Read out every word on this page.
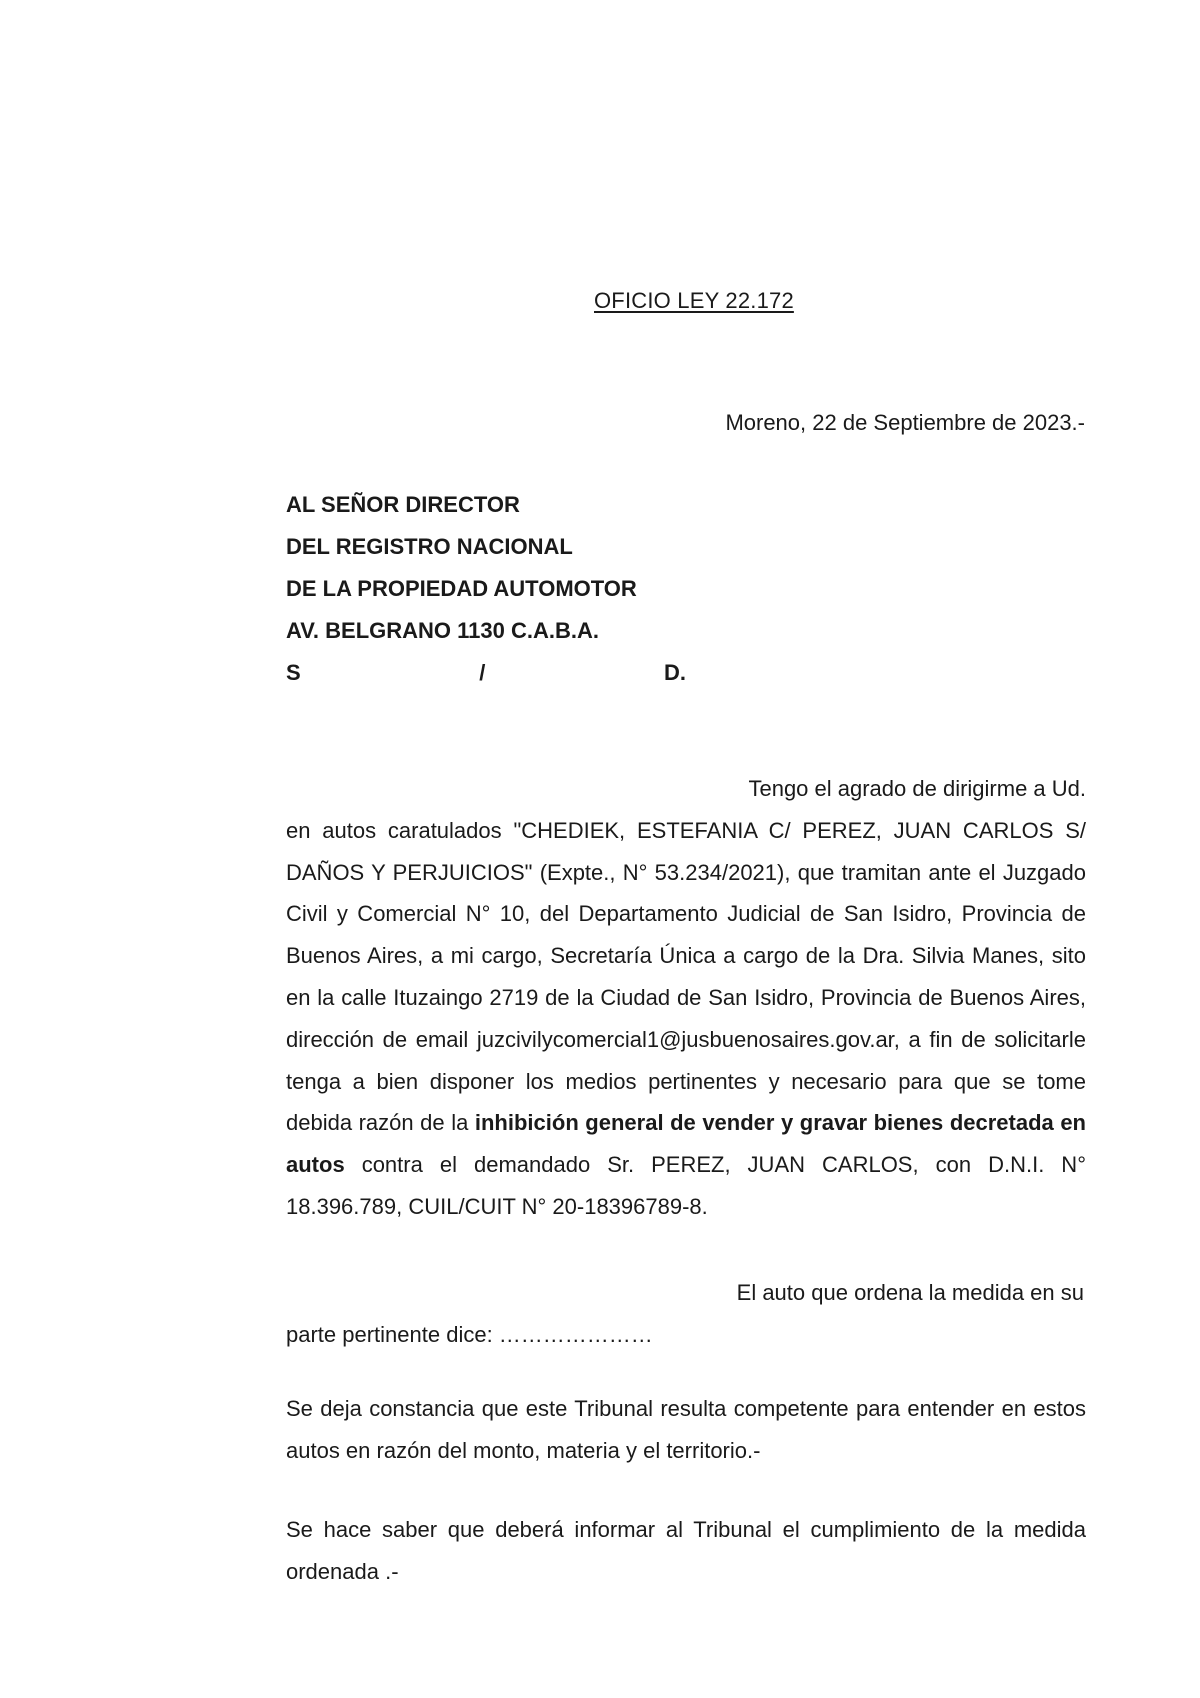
OFICIO LEY 22.172
Moreno, 22 de Septiembre de 2023.-
AL SEÑOR DIRECTOR
DEL REGISTRO NACIONAL
DE LA PROPIEDAD AUTOMOTOR
AV. BELGRANO 1130 C.A.B.A.
S	/	D.
Tengo el agrado de dirigirme a Ud.
en autos caratulados "CHEDIEK, ESTEFANIA C/ PEREZ, JUAN CARLOS S/ DAÑOS Y PERJUICIOS" (Expte., N° 53.234/2021), que tramitan ante el Juzgado Civil y Comercial N° 10, del Departamento Judicial de San Isidro, Provincia de Buenos Aires, a mi cargo, Secretaría Única a cargo de la Dra. Silvia Manes, sito en la calle Ituzaingo 2719 de la Ciudad de San Isidro, Provincia de Buenos Aires, dirección de email juzcivilycomercial1@jusbuenosaires.gov.ar, a fin de solicitarle tenga a bien disponer los medios pertinentes y necesario para que se tome debida razón de la inhibición general de vender y gravar bienes decretada en autos contra el demandado Sr. PEREZ, JUAN CARLOS, con D.N.I. N° 18.396.789, CUIL/CUIT N° 20-18396789-8.
El auto que ordena la medida en su
parte pertinente dice: …………………
Se deja constancia que este Tribunal resulta competente para entender en estos autos en razón del monto, materia y el territorio.-
Se hace saber que deberá informar al Tribunal el cumplimiento de la medida ordenada .-
